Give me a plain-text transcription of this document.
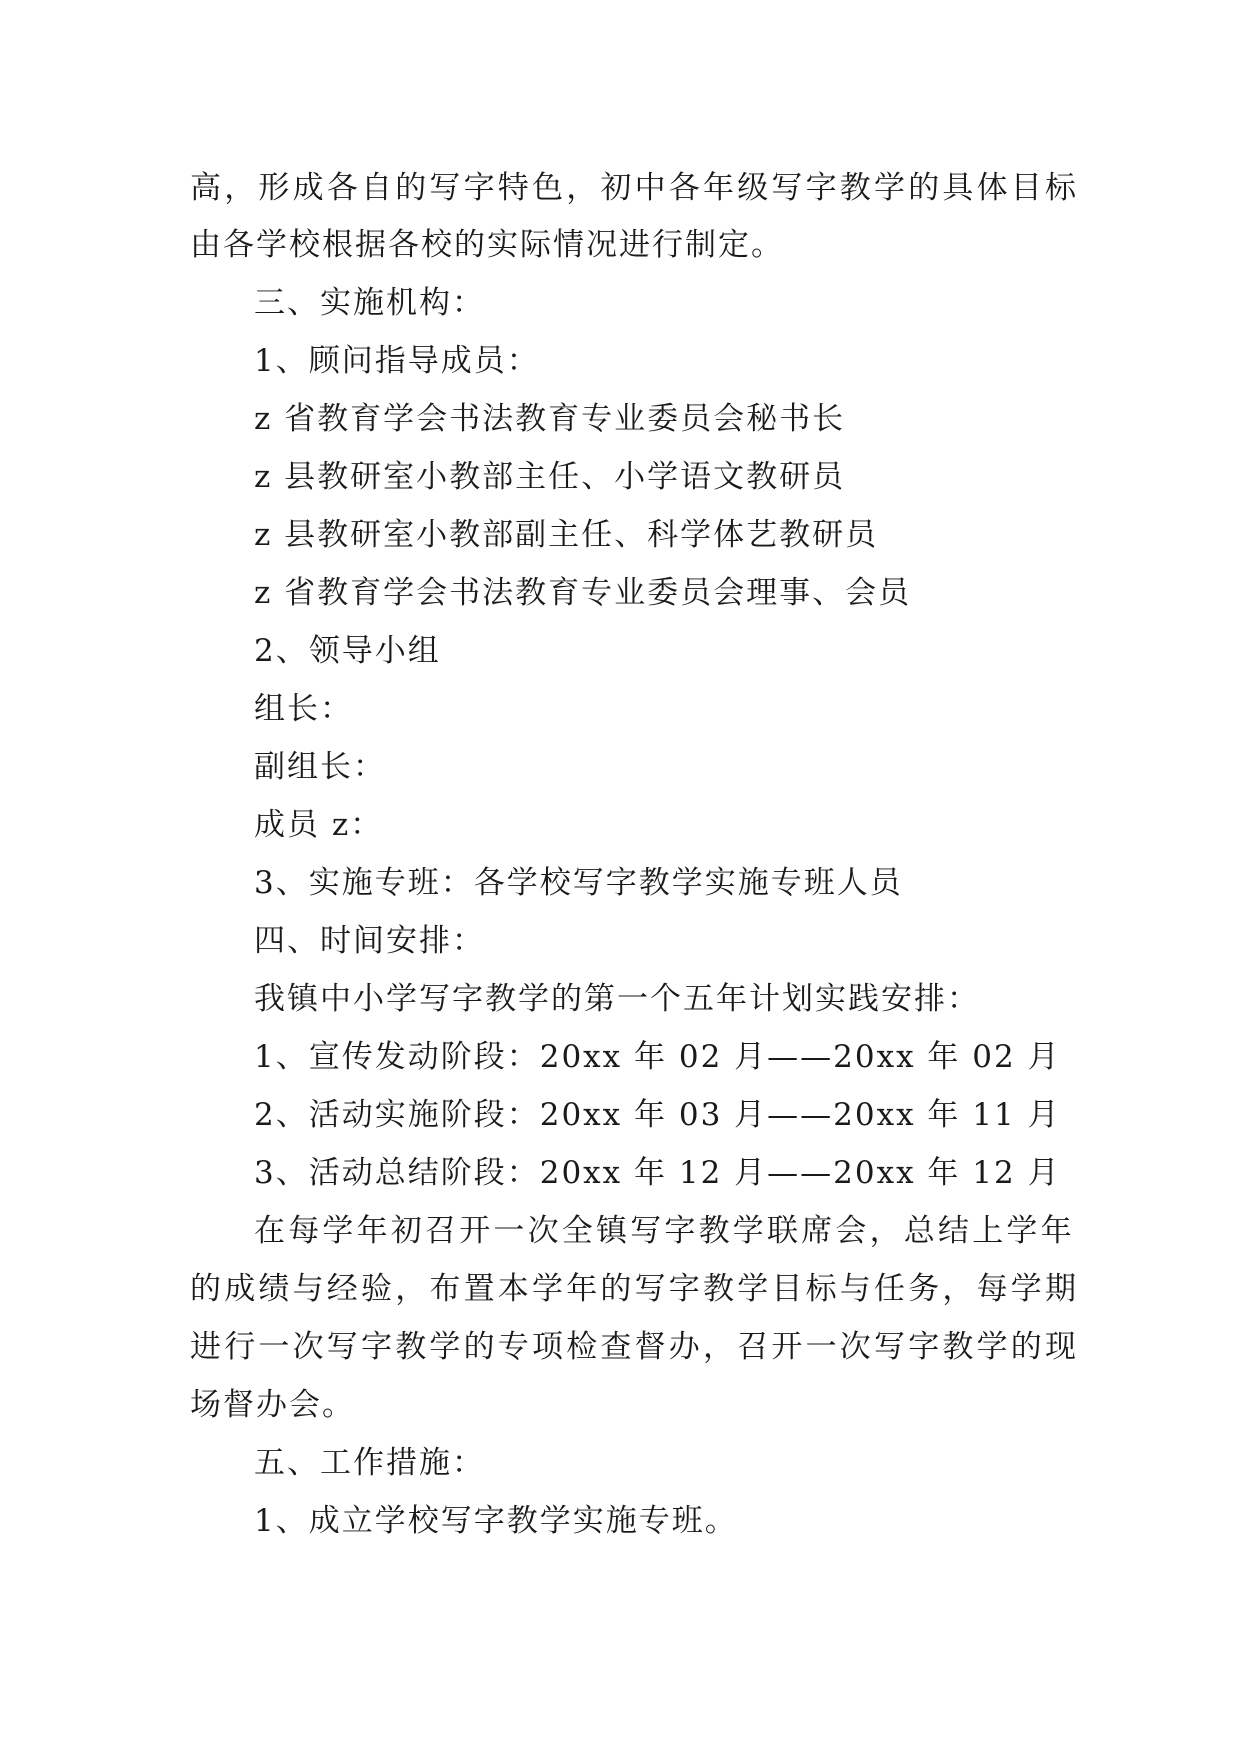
高，形成各自的写字特色，初中各年级写字教学的具体目标
由各学校根据各校的实际情况进行制定。
三、实施机构：
1、顾问指导成员：
z 省教育学会书法教育专业委员会秘书长
z 县教研室小教部主任、小学语文教研员
z 县教研室小教部副主任、科学体艺教研员
z 省教育学会书法教育专业委员会理事、会员
2、领导小组
组长：
副组长：
成员 z：
3、实施专班：各学校写字教学实施专班人员
四、时间安排：
我镇中小学写字教学的第一个五年计划实践安排：
1、宣传发动阶段：20xx 年 02 月——20xx 年 02 月
2、活动实施阶段：20xx 年 03 月——20xx 年 11 月
3、活动总结阶段：20xx 年 12 月——20xx 年 12 月
在每学年初召开一次全镇写字教学联席会，总结上学年
的成绩与经验，布置本学年的写字教学目标与任务，每学期
进行一次写字教学的专项检查督办，召开一次写字教学的现
场督办会。
五、工作措施：
1、成立学校写字教学实施专班。
